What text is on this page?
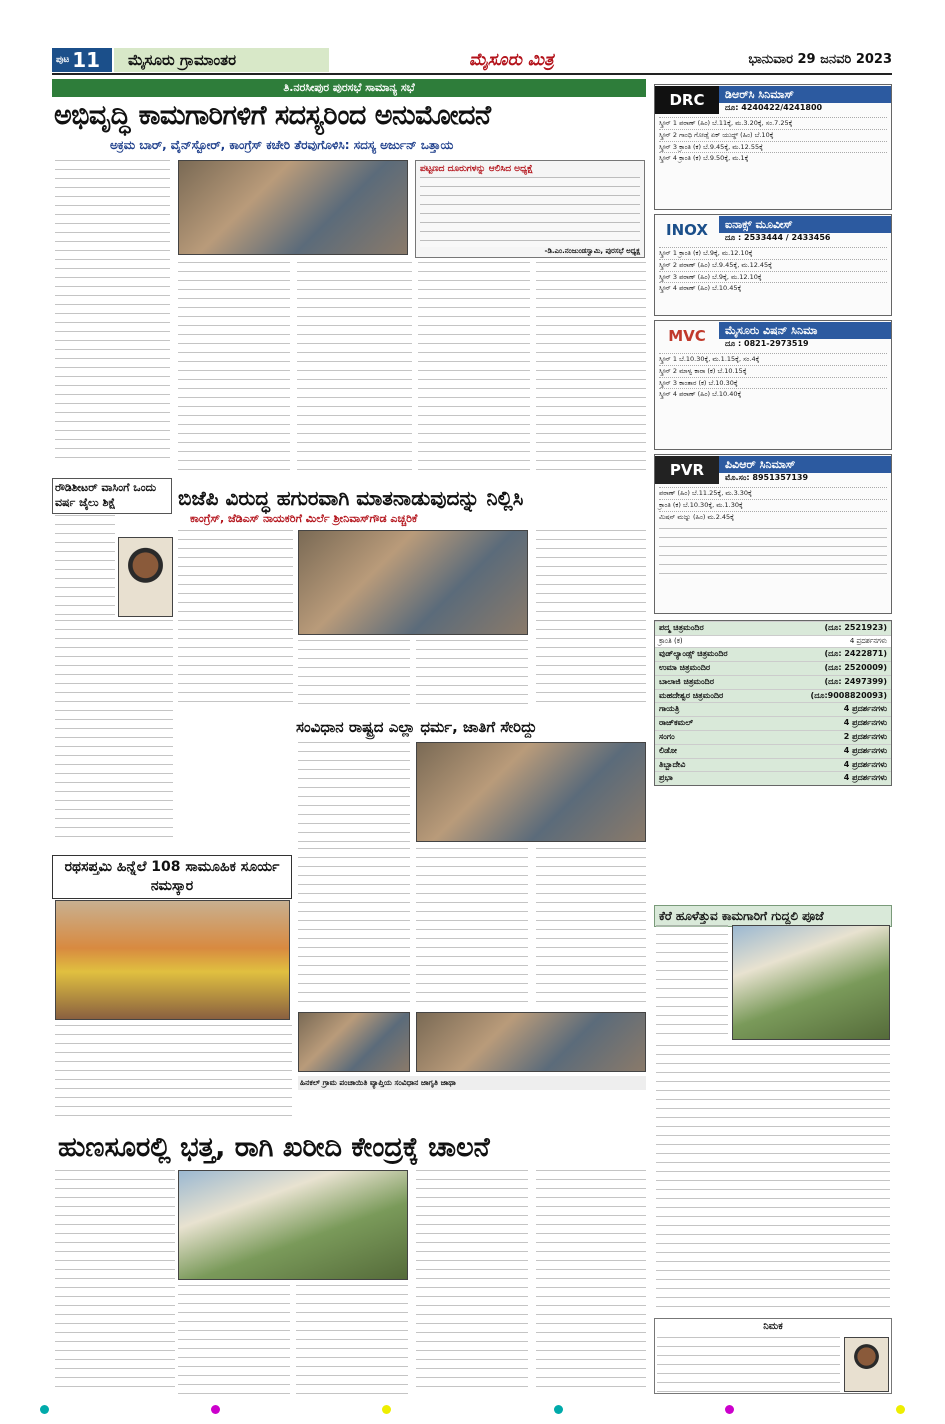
ಪುಟ 11	ಮೈಸೂರು ಗ್ರಾಮಾಂತರ	ಮೈಸೂರು ಮಿತ್ರ	ಭಾನುವಾರ 29 ಜನವರಿ 2023
ತಿ.ನರಸೀಪುರ ಪುರಸಭೆ ಸಾಮಾನ್ಯ ಸಭೆ
ಅಭಿವೃದ್ಧಿ ಕಾಮಗಾರಿಗಳಿಗೆ ಸದಸ್ಯರಿಂದ ಅನುಮೋದನೆ
ಅಕ್ರಮ ಬಾರ್, ವೈನ್‌ಸ್ಟೋರ್, ಕಾಂಗ್ರೆಸ್ ಕಚೇರಿ ತೆರವುಗೊಳಿಸಿ: ಸದಸ್ಯ ಅರ್ಜುನ್ ಒತ್ತಾಯ
ಪಟ್ಟಣದ ದೂರುಗಳನ್ನು ಆಲಿಸಿದ ಅಧ್ಯಕ್ಷೆ
-ಡಿ.ಎಂ.ನಂಜುಂಡಸ್ವಾಮಿ, ಪುರಸಭೆ ಅಧ್ಯಕ್ಷ
ರೌಡಿಶೀಟರ್ ವಾಸಿಂಗೆ ಒಂದು ವರ್ಷ ಜೈಲು ಶಿಕ್ಷೆ	ಬಿಜೆಪಿ ವಿರುದ್ಧ ಹಗುರವಾಗಿ ಮಾತನಾಡುವುದನ್ನು ನಿಲ್ಲಿಸಿ
ಕಾಂಗ್ರೆಸ್, ಜೆಡಿಎಸ್ ನಾಯಕರಿಗೆ ಮಿರ್ಲೆ ಶ್ರೀನಿವಾಸ್‌ಗೌಡ ಎಚ್ಚರಿಕೆ
ಸಂವಿಧಾನ ರಾಷ್ಟ್ರದ ಎಲ್ಲಾ ಧರ್ಮ, ಜಾತಿಗೆ ಸೇರಿದ್ದು
ಹಿನಕಲ್ ಗ್ರಾಮ ಪಂಚಾಯಿತಿ ವ್ಯಾಪ್ತಿಯ ಸಂವಿಧಾನ ಜಾಗೃತಿ ಜಾಥಾ
ರಥಸಪ್ತಮಿ ಹಿನ್ನೆಲೆ 108 ಸಾಮೂಹಿಕ ಸೂರ್ಯ ನಮಸ್ಕಾರ
ಹುಣಸೂರಲ್ಲಿ ಭತ್ತ, ರಾಗಿ ಖರೀದಿ ಕೇಂದ್ರಕ್ಕೆ ಚಾಲನೆ
DRC	ಡಿಆರ್‌ಸಿ ಸಿನಿಮಾಸ್
ದೂ: 4240422/4241800
ಸ್ಕ್ರೀನ್ 1 ಪಠಾಣ್ (ಹಿಂ) ಬೆ.11ಕ್ಕೆ, ಮ.3.20ಕ್ಕೆ, ಸಂ.7.25ಕ್ಕೆ
ಸ್ಕ್ರೀನ್ 2 ಗಾಂಧಿ ಗೋಡ್ಸೆ ಏಕ್ ಯುದ್ಧ್ (ಹಿಂ) ಬೆ.10ಕ್ಕೆ
ಸ್ಕ್ರೀನ್ 3 ಕ್ರಾಂತಿ (ಕ) ಬೆ.9.45ಕ್ಕೆ, ಮ.12.55ಕ್ಕೆ
ಸ್ಕ್ರೀನ್ 4 ಕ್ರಾಂತಿ (ಕ) ಬೆ.9.50ಕ್ಕೆ, ಮ.1ಕ್ಕೆ
INOX	ಐನಾಕ್ಸ್ ಮೂವೀಸ್
ದೂ : 2533444 / 2433456
ಸ್ಕ್ರೀನ್ 1 ಕ್ರಾಂತಿ (ಕ) ಬೆ.9ಕ್ಕೆ, ಮ.12.10ಕ್ಕೆ
ಸ್ಕ್ರೀನ್ 2 ಪಠಾಣ್ (ಹಿಂ) ಬೆ.9.45ಕ್ಕೆ, ಮ.12.45ಕ್ಕೆ
ಸ್ಕ್ರೀನ್ 3 ಪಠಾಣ್ (ಹಿಂ) ಬೆ.9ಕ್ಕೆ, ಮ.12.10ಕ್ಕೆ
ಸ್ಕ್ರೀನ್ 4 ಪಠಾಣ್ (ಹಿಂ) ಬೆ.10.45ಕ್ಕೆ
MVC	ಮೈಸೂರು ವಿಷನ್ ಸಿನಿಮಾ
ದೂ : 0821-2973519
ಸ್ಕ್ರೀನ್ 1 ಬೆ.10.30ಕ್ಕೆ, ಮ.1.15ಕ್ಕೆ, ಸಂ.4ಕ್ಕೆ
ಸ್ಕ್ರೀನ್ 2 ಮಾಳ್ವ ಕಾರಾ (ಕ) ಬೆ.10.15ಕ್ಕೆ
ಸ್ಕ್ರೀನ್ 3 ಕಾಂತಾರ (ಕ) ಬೆ.10.30ಕ್ಕೆ
ಸ್ಕ್ರೀನ್ 4 ಪಠಾಣ್ (ಹಿಂ) ಬೆ.10.40ಕ್ಕೆ
PVR	ಪಿವಿಆರ್ ಸಿನಿಮಾಸ್
ಮೊ.ಸಂ: 8951357139
ಪಠಾಣ್ (ಹಿಂ) ಬೆ.11.25ಕ್ಕೆ, ಮ.3.30ಕ್ಕೆ
ಕ್ರಾಂತಿ (ಕ) ಬೆ.10.30ಕ್ಕೆ, ಮ.1.30ಕ್ಕೆ
ಮಿಷನ್ ಮಜ್ನು (ಹಿಂ) ಮ.2.45ಕ್ಕೆ
ಪದ್ಮ ಚಿತ್ರಮಂದಿರ	(ದೂ: 2521923)
ಕ್ರಾಂತಿ (ಕ)	4 ಪ್ರದರ್ಶನಗಳು
ವುಡ್‌ಲ್ಯಾಂಡ್ಸ್ ಚಿತ್ರಮಂದಿರ	(ದೂ: 2422871)
ಉಮಾ ಚಿತ್ರಮಂದಿರ	(ದೂ: 2520009)
ಬಾಲಾಜಿ ಚಿತ್ರಮಂದಿರ	(ದೂ: 2497399)
ಮಹದೇಶ್ವರ ಚಿತ್ರಮಂದಿರ	(ದೂ:9008820093)
ಗಾಯತ್ರಿ	4 ಪ್ರದರ್ಶನಗಳು
ರಾಜ್‌ಕಮಲ್	4 ಪ್ರದರ್ಶನಗಳು
ಸಂಗಂ	2 ಪ್ರದರ್ಶನಗಳು
ಲಿಡೋ	4 ಪ್ರದರ್ಶನಗಳು
ತಿಬ್ಬಾದೇವಿ	4 ಪ್ರದರ್ಶನಗಳು
ಪ್ರಭಾ	4 ಪ್ರದರ್ಶನಗಳು
ಕೆರೆ ಹೂಳೆತ್ತುವ ಕಾಮಗಾರಿಗೆ ಗುದ್ದಲಿ ಪೂಜೆ
ನಿಮಕ
